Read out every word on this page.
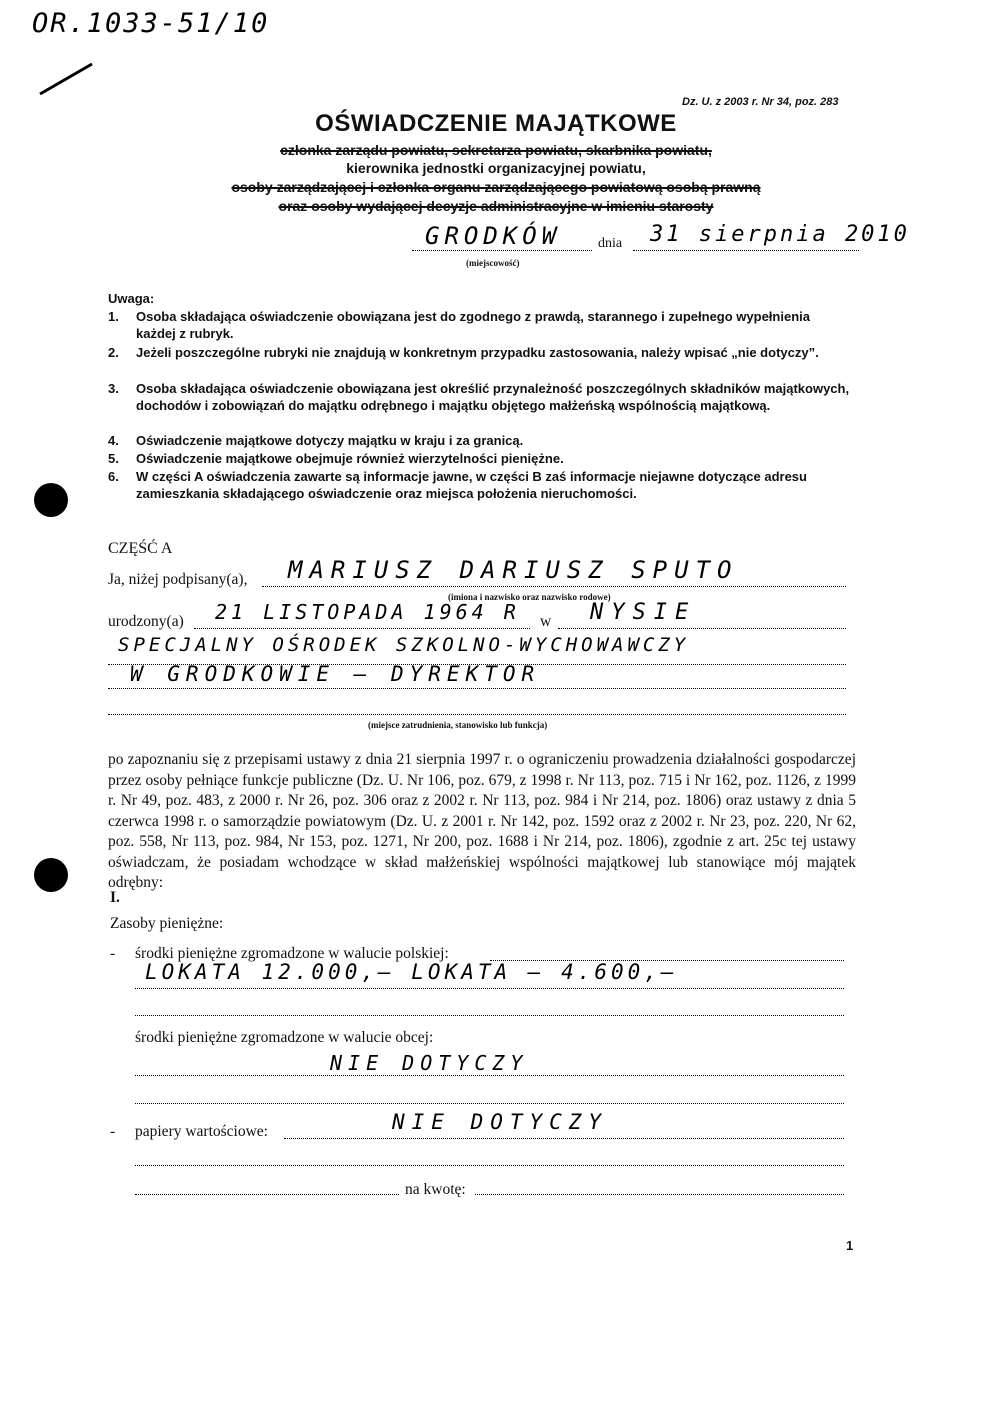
OR.1033-51/10
Dz. U. z 2003 r. Nr 34, poz. 283
OŚWIADCZENIE MAJĄTKOWE
członka zarządu powiatu, sekretarza powiatu, skarbnika powiatu,
kierownika jednostki organizacyjnej powiatu,
osoby zarządzającej i członka organu zarządzającego powiatową osobą prawną
oraz osoby wydającej decyzje administracyjne w imieniu starosty
GRODKÓW	dnia 31 sierpnia 2010
(miejscowość)
Uwaga:
1. Osoba składająca oświadczenie obowiązana jest do zgodnego z prawdą, starannego i zupełnego wypełnienia każdej z rubryk.
2. Jeżeli poszczególne rubryki nie znajdują w konkretnym przypadku zastosowania, należy wpisać „nie dotyczy”.
3. Osoba składająca oświadczenie obowiązana jest określić przynależność poszczególnych składników majątkowych, dochodów i zobowiązań do majątku odrębnego i majątku objętego małżeńską wspólnością majątkową.
4. Oświadczenie majątkowe dotyczy majątku w kraju i za granicą.
5. Oświadczenie majątkowe obejmuje również wierzytelności pieniężne.
6. W części A oświadczenia zawarte są informacje jawne, w części B zaś informacje niejawne dotyczące adresu zamieszkania składającego oświadczenie oraz miejsca położenia nieruchomości.
CZĘŚĆ A
Ja, niżej podpisany(a), MARIUSZ DARIUSZ SPUTO
(imiona i nazwisko oraz nazwisko rodowe)
urodzony(a) 21 LISTOPADA 1964 R w NYSIE
SPECJALNY OŚRODEK SZKOLNO-WYCHOWAWCZY
W GRODKOWIE — DYREKTOR
(miejsce zatrudnienia, stanowisko lub funkcja)
po zapoznaniu się z przepisami ustawy z dnia 21 sierpnia 1997 r. o ograniczeniu prowadzenia działalności gospodarczej przez osoby pełniące funkcje publiczne (Dz. U. Nr 106, poz. 679, z 1998 r. Nr 113, poz. 715 i Nr 162, poz. 1126, z 1999 r. Nr 49, poz. 483, z 2000 r. Nr 26, poz. 306 oraz z 2002 r. Nr 113, poz. 984 i Nr 214, poz. 1806) oraz ustawy z dnia 5 czerwca 1998 r. o samorządzie powiatowym (Dz. U. z 2001 r. Nr 142, poz. 1592 oraz z 2002 r. Nr 23, poz. 220, Nr 62, poz. 558, Nr 113, poz. 984, Nr 153, poz. 1271, Nr 200, poz. 1688 i Nr 214, poz. 1806), zgodnie z art. 25c tej ustawy oświadczam, że posiadam wchodzące w skład małżeńskiej wspólności majątkowej lub stanowiące mój majątek odrębny:
I.
Zasoby pieniężne:
- środki pieniężne zgromadzone w walucie polskiej:
LOKATA 12.000,— LOKATA — 4.600,—
środki pieniężne zgromadzone w walucie obcej:
NIE DOTYCZY
- papiery wartościowe:	NIE DOTYCZY
na kwotę:
1
